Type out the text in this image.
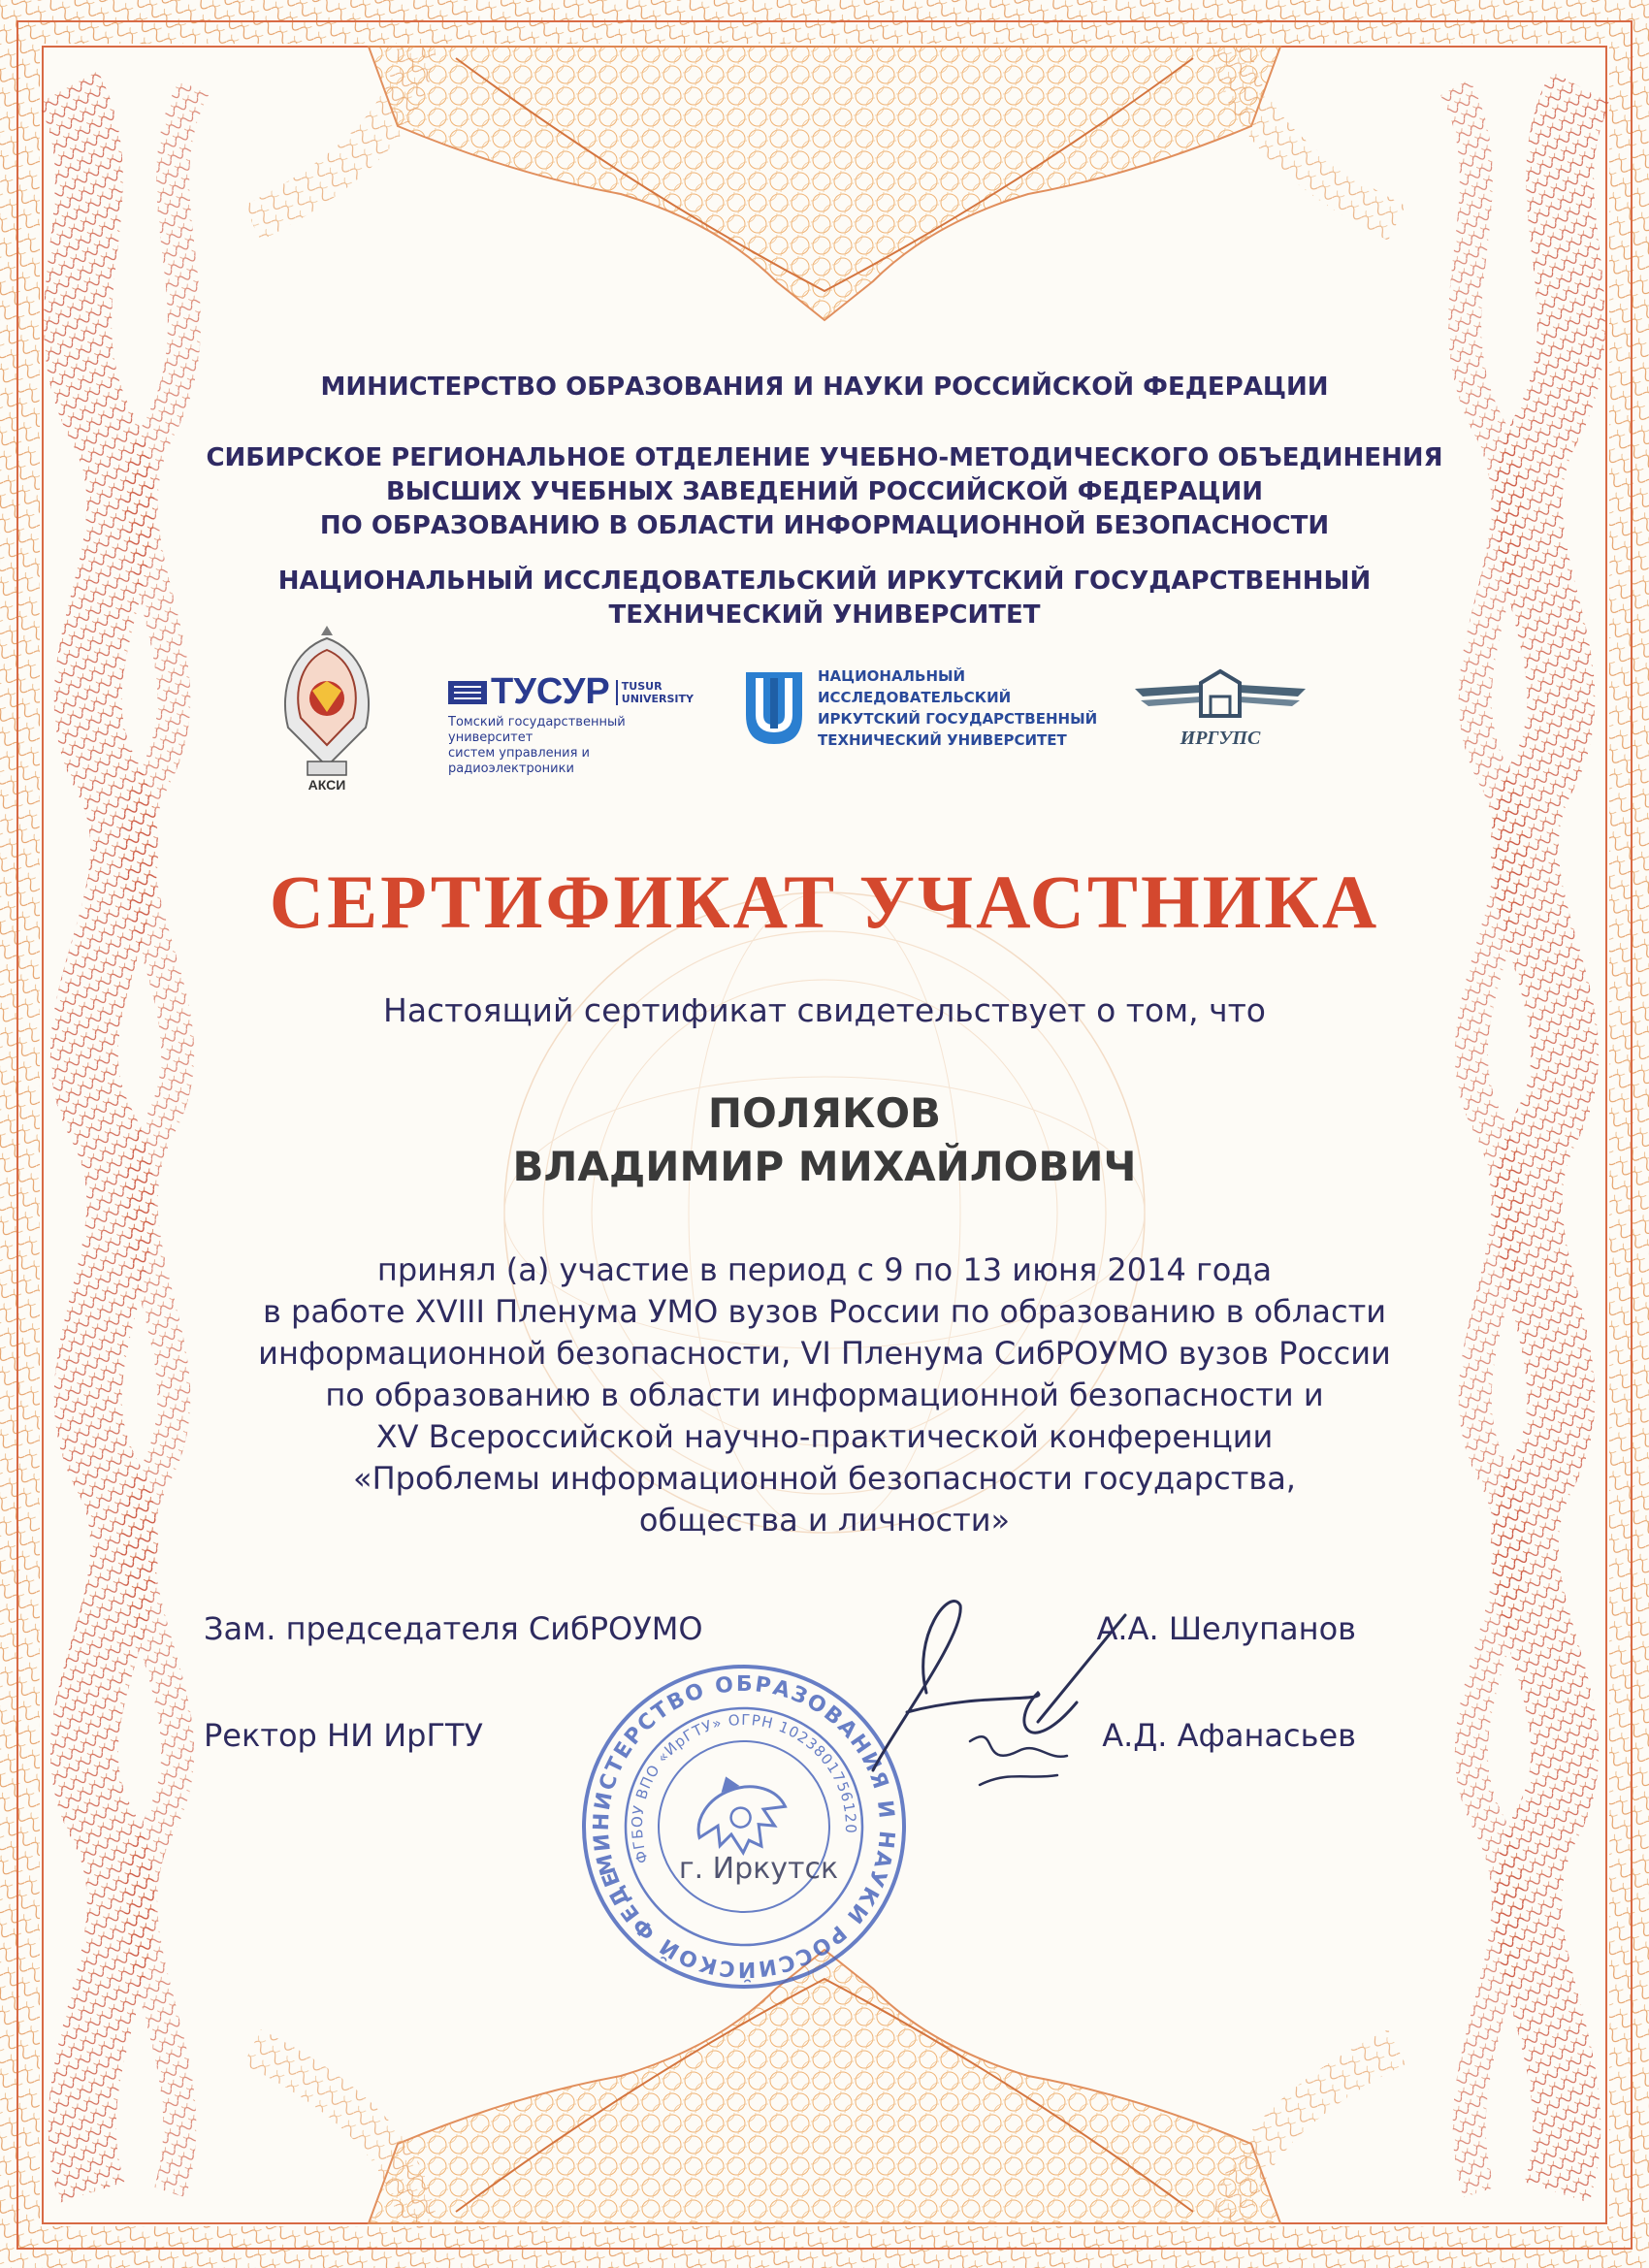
МИНИСТЕРСТВО ОБРАЗОВАНИЯ И НАУКИ РОССИЙСКОЙ ФЕДЕРАЦИИ
СИБИРСКОЕ РЕГИОНАЛЬНОЕ ОТДЕЛЕНИЕ УЧЕБНО-МЕТОДИЧЕСКОГО ОБЪЕДИНЕНИЯ
ВЫСШИХ УЧЕБНЫХ ЗАВЕДЕНИЙ РОССИЙСКОЙ ФЕДЕРАЦИИ
ПО ОБРАЗОВАНИЮ В ОБЛАСТИ ИНФОРМАЦИОННОЙ БЕЗОПАСНОСТИ
НАЦИОНАЛЬНЫЙ ИССЛЕДОВАТЕЛЬСКИЙ ИРКУТСКИЙ ГОСУДАРСТВЕННЫЙ
ТЕХНИЧЕСКИЙ УНИВЕРСИТЕТ
АКСИ
ТУСУР TUSUR
UNIVERSITY
Томский государственный университет
систем управления и радиоэлектроники
НАЦИОНАЛЬНЫЙ
ИССЛЕДОВАТЕЛЬСКИЙ
ИРКУТСКИЙ ГОСУДАРСТВЕННЫЙ
ТЕХНИЧЕСКИЙ УНИВЕРСИТЕТ	ИРГУПС
СЕРТИФИКАТ УЧАСТНИКА
Настоящий сертификат свидетельствует о том, что
ПОЛЯКОВ
ВЛАДИМИР МИХАЙЛОВИЧ
принял (а) участие в период с 9 по 13 июня 2014 года
в работе XVIII Пленума УМО вузов России по образованию в области
информационной безопасности, VI Пленума СибРОУМО вузов России
по образованию в области информационной безопасности и
XV Всероссийской научно-практической конференции
«Проблемы информационной безопасности государства,
общества и личности»
МИНИСТЕРСТВО ОБРАЗОВАНИЯ И НАУКИ РОССИЙСКОЙ ФЕДЕРАЦИИ
ФГБОУ ВПО «ИрГТУ» ОГРН 1023801756120
г. Иркутск
Зам. председателя СибРОУМО	А.А. Шелупанов
Ректор НИ ИрГТУ	А.Д. Афанасьев
